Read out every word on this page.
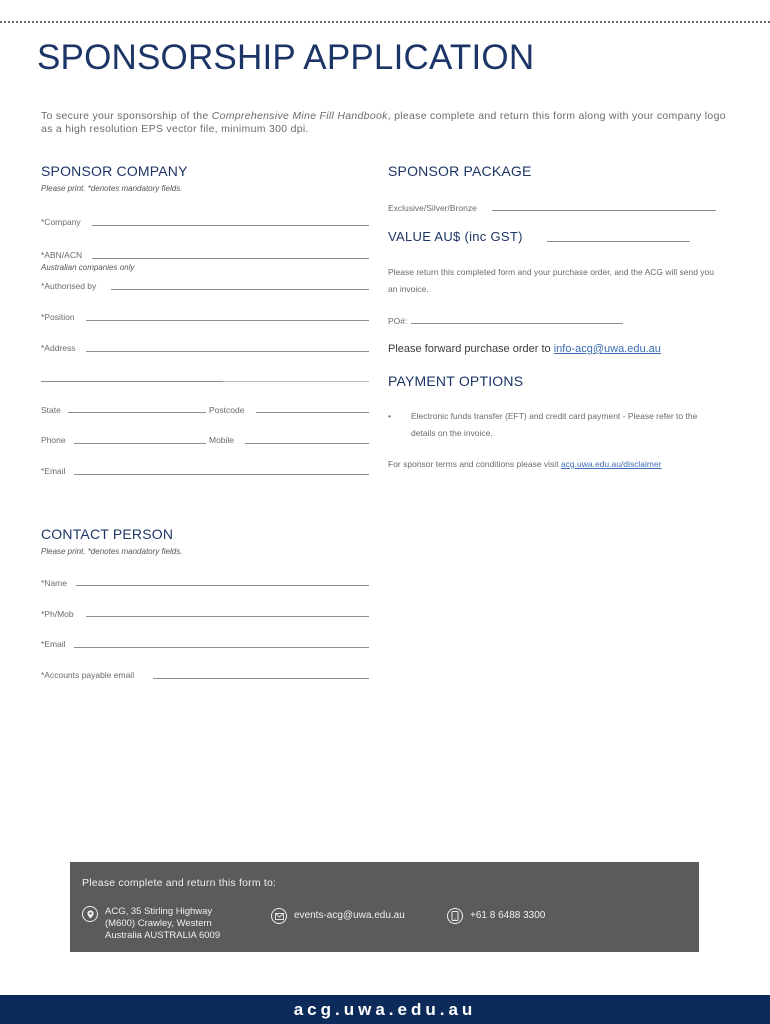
SPONSORSHIP APPLICATION

To secure your sponsorship of the Comprehensive Mine Fill Handbook, please complete and return this form along with your company logo as a high resolution EPS vector file, minimum 300 dpi.

SPONSOR COMPANY
Please print. *denotes mandatory fields.
*Company
*ABN/ACN
Australian companies only
*Authorised by
*Position
*Address
State	Postcode
Phone	Mobile
*Email
SPONSOR PACKAGE
Exclusive/Silver/Bronze
VALUE AU$ (inc GST)
Please return this completed form and your purchase order, and the ACG will send you an invoice.
PO#:
Please forward purchase order to info-acg@uwa.edu.au
PAYMENT OPTIONS
• Electronic funds transfer (EFT) and credit card payment - Please refer to the details on the invoice.
For sponsor terms and conditions please visit acg.uwa.edu.au/disclaimer
CONTACT PERSON
Please print. *denotes mandatory fields.
*Name
*Ph/Mob
*Email
*Accounts payable email
Please complete and return this form to:
ACG, 35 Stirling Highway
(M600) Crawley, Western
Australia AUSTRALIA 6009
events-acg@uwa.edu.au	+61 8 6488 3300
acg.uwa.edu.au
